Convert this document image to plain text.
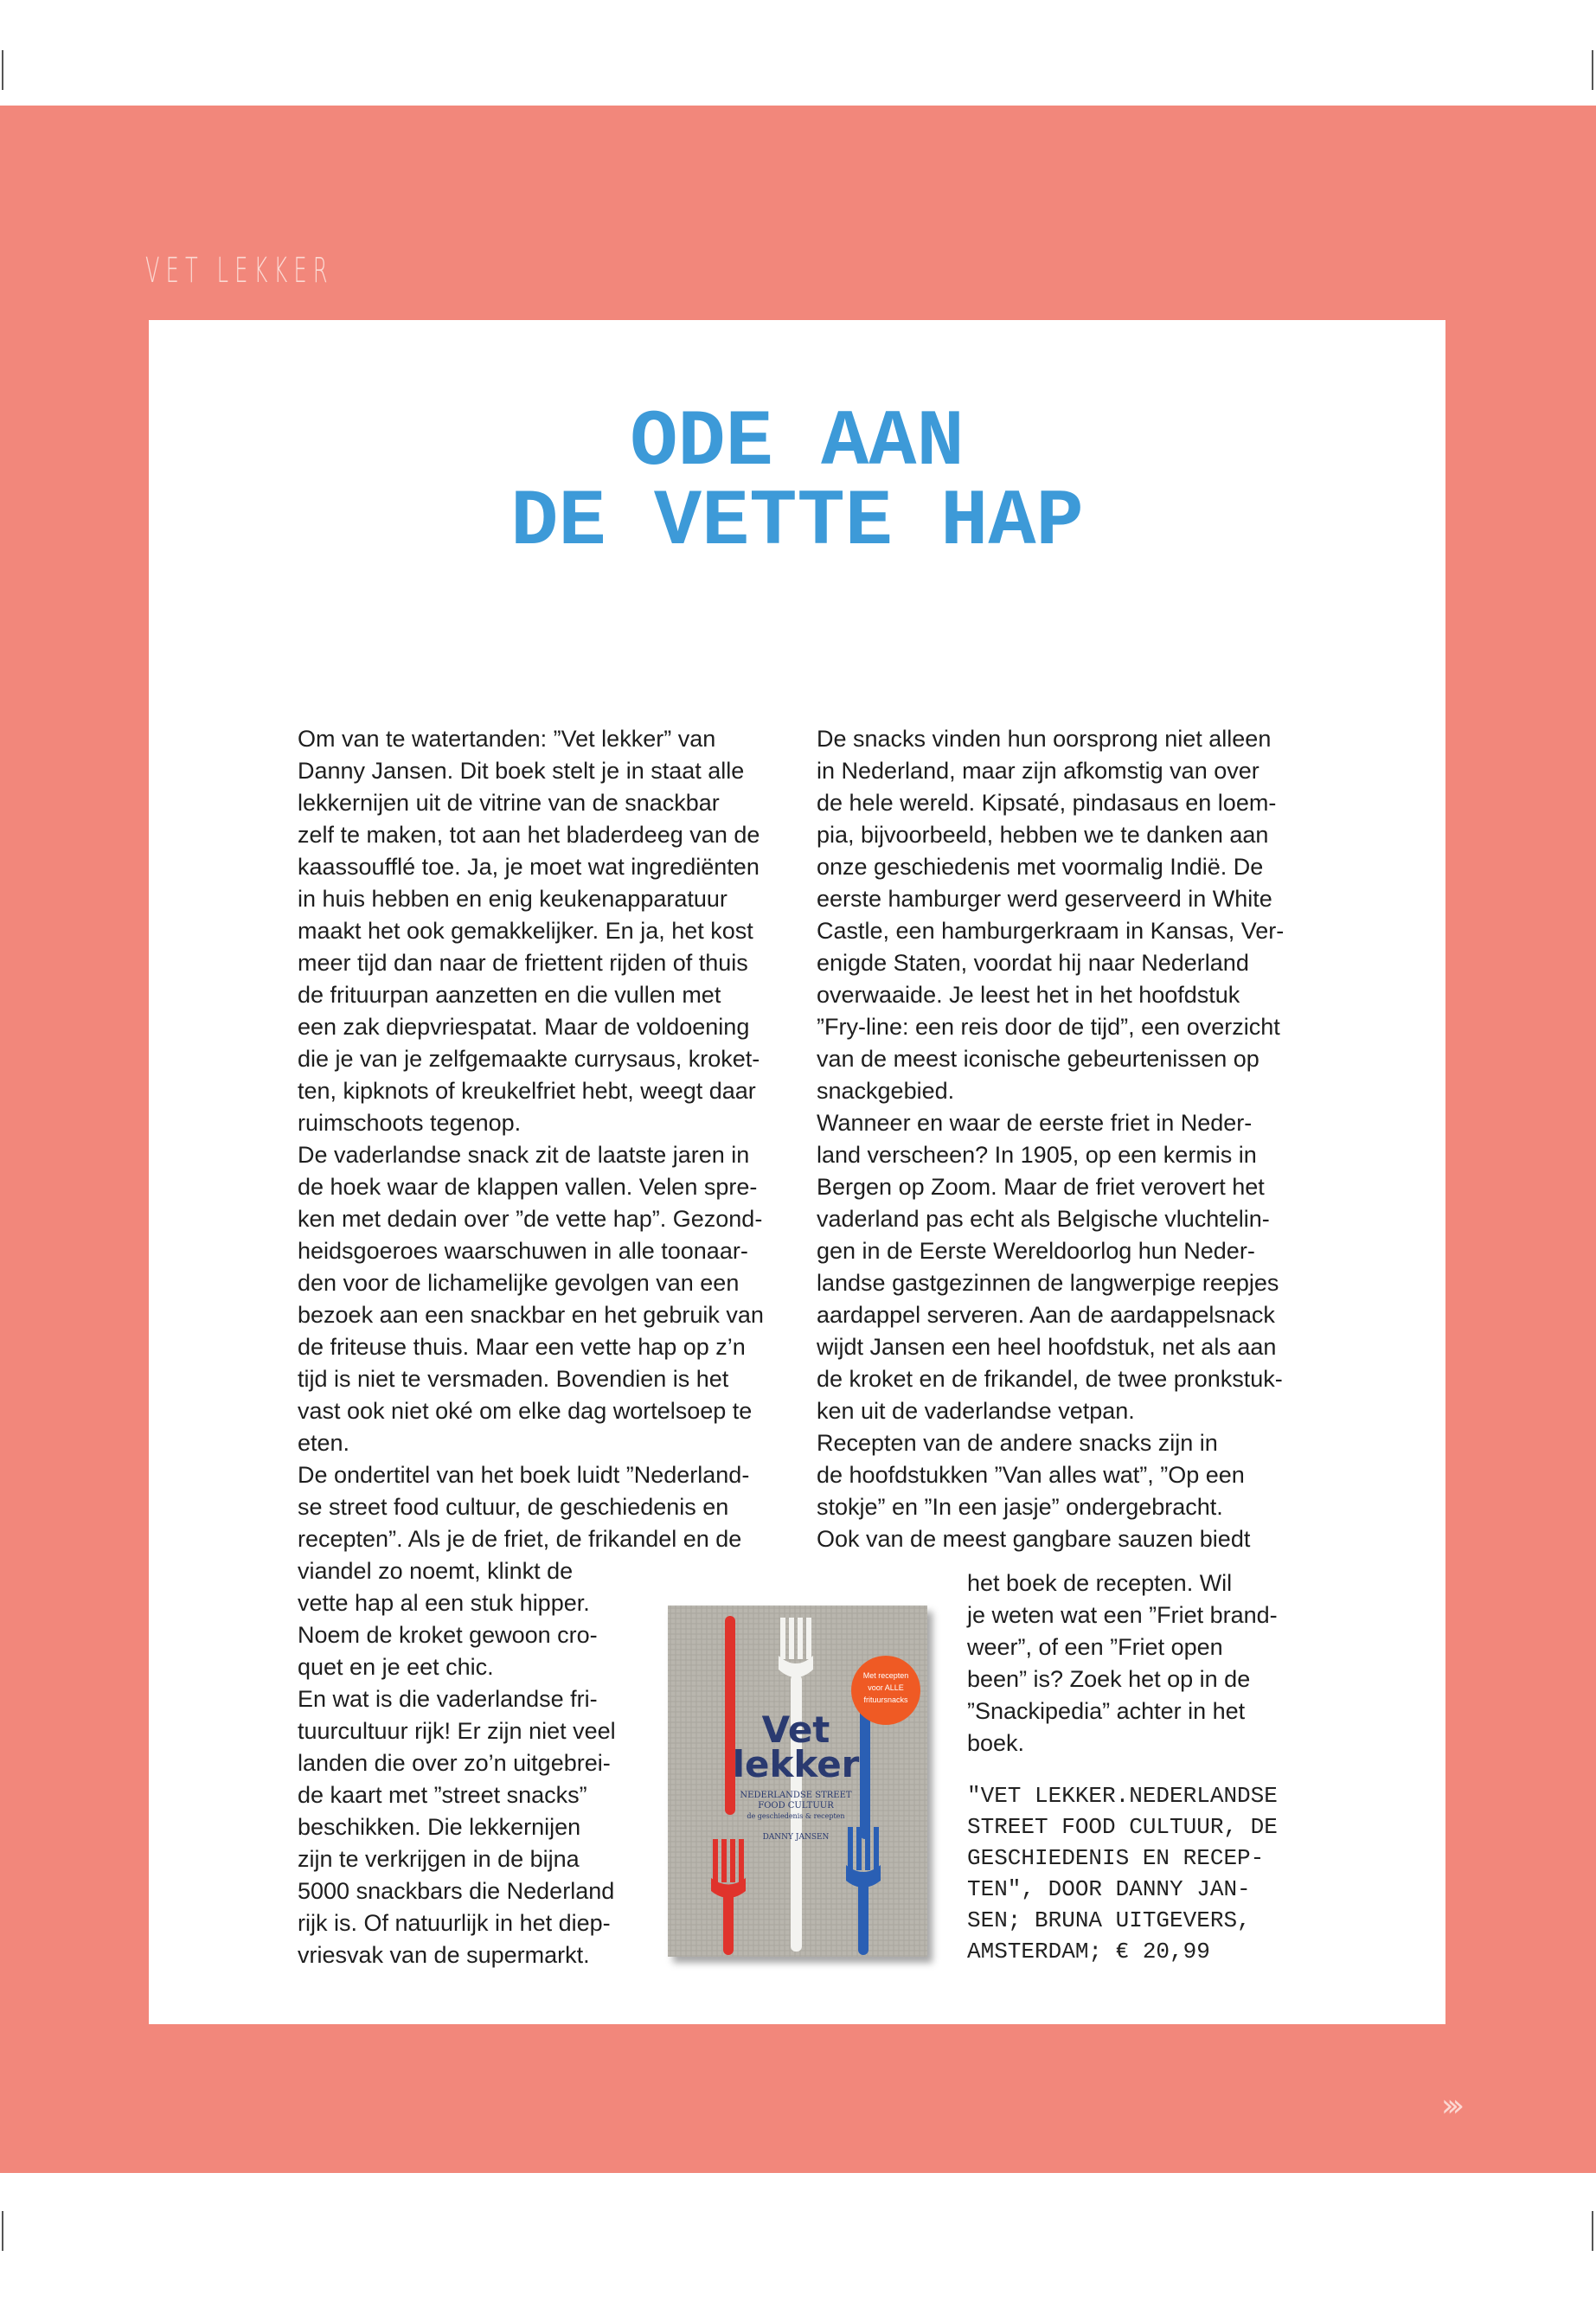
VET LEKKER
ODE AAN
DE VETTE HAP
Om van te watertanden: ”Vet lekker” van
Danny Jansen. Dit boek stelt je in staat alle
lekkernijen uit de vitrine van de snackbar
zelf te maken, tot aan het bladerdeeg van de
kaassoufflé toe. Ja, je moet wat ingrediënten
in huis hebben en enig keukenapparatuur
maakt het ook gemakkelijker. En ja, het kost
meer tijd dan naar de friettent rijden of thuis
de frituurpan aanzetten en die vullen met
een zak diepvriespatat. Maar de voldoening
die je van je zelfgemaakte currysaus, kroket-
ten, kipknots of kreukelfriet hebt, weegt daar
ruimschoots tegenop.
De vaderlandse snack zit de laatste jaren in
de hoek waar de klappen vallen. Velen spre-
ken met dedain over ”de vette hap”. Gezond-
heidsgoeroes waarschuwen in alle toonaar-
den voor de lichamelijke gevolgen van een
bezoek aan een snackbar en het gebruik van
de friteuse thuis. Maar een vette hap op z’n
tijd is niet te versmaden. Bovendien is het
vast ook niet oké om elke dag wortelsoep te
eten.
De ondertitel van het boek luidt ”Nederland-
se street food cultuur, de geschiedenis en
recepten”. Als je de friet, de frikandel en de
viandel zo noemt, klinkt de
vette hap al een stuk hipper.
Noem de kroket gewoon cro-
quet en je eet chic.
En wat is die vaderlandse fri-
tuurcultuur rijk! Er zijn niet veel
landen die over zo’n uitgebrei-
de kaart met ”street snacks”
beschikken. Die lekkernijen
zijn te verkrijgen in de bijna
5000 snackbars die Nederland
rijk is. Of natuurlijk in het diep-
vriesvak van de supermarkt.
De snacks vinden hun oorsprong niet alleen
in Nederland, maar zijn afkomstig van over
de hele wereld. Kipsaté, pindasaus en loem-
pia, bijvoorbeeld, hebben we te danken aan
onze geschiedenis met voormalig Indië. De
eerste hamburger werd geserveerd in White
Castle, een hamburgerkraam in Kansas, Ver-
enigde Staten, voordat hij naar Nederland
overwaaide. Je leest het in het hoofdstuk
”Fry-line: een reis door de tijd”, een overzicht
van de meest iconische gebeurtenissen op
snackgebied.
Wanneer en waar de eerste friet in Neder-
land verscheen? In 1905, op een kermis in
Bergen op Zoom. Maar de friet verovert het
vaderland pas echt als Belgische vluchtelin-
gen in de Eerste Wereldoorlog hun Neder-
landse gastgezinnen de langwerpige reepjes
aardappel serveren. Aan de aardappelsnack
wijdt Jansen een heel hoofdstuk, net als aan
de kroket en de frikandel, de twee pronkstuk-
ken uit de vaderlandse vetpan.
Recepten van de andere snacks zijn in
de hoofdstukken ”Van alles wat”, ”Op een
stokje” en ”In een jasje” ondergebracht.
Ook van de meest gangbare sauzen biedt
het boek de recepten. Wil
je weten wat een ”Friet brand-
weer”, of een ”Friet open
been” is? Zoek het op in de
”Snackipedia” achter in het
boek.
"VET LEKKER.NEDERLANDSE
STREET FOOD CULTUUR, DE
GESCHIEDENIS EN RECEP-
TEN", DOOR DANNY JAN-
SEN; BRUNA UITGEVERS,
AMSTERDAM; € 20,99
Met recepten
voor ALLE
frituursnacks
Vet
lekker
NEDERLANDSE STREET
FOOD CULTUUR
de geschiedenis & recepten
DANNY JANSEN
›››
